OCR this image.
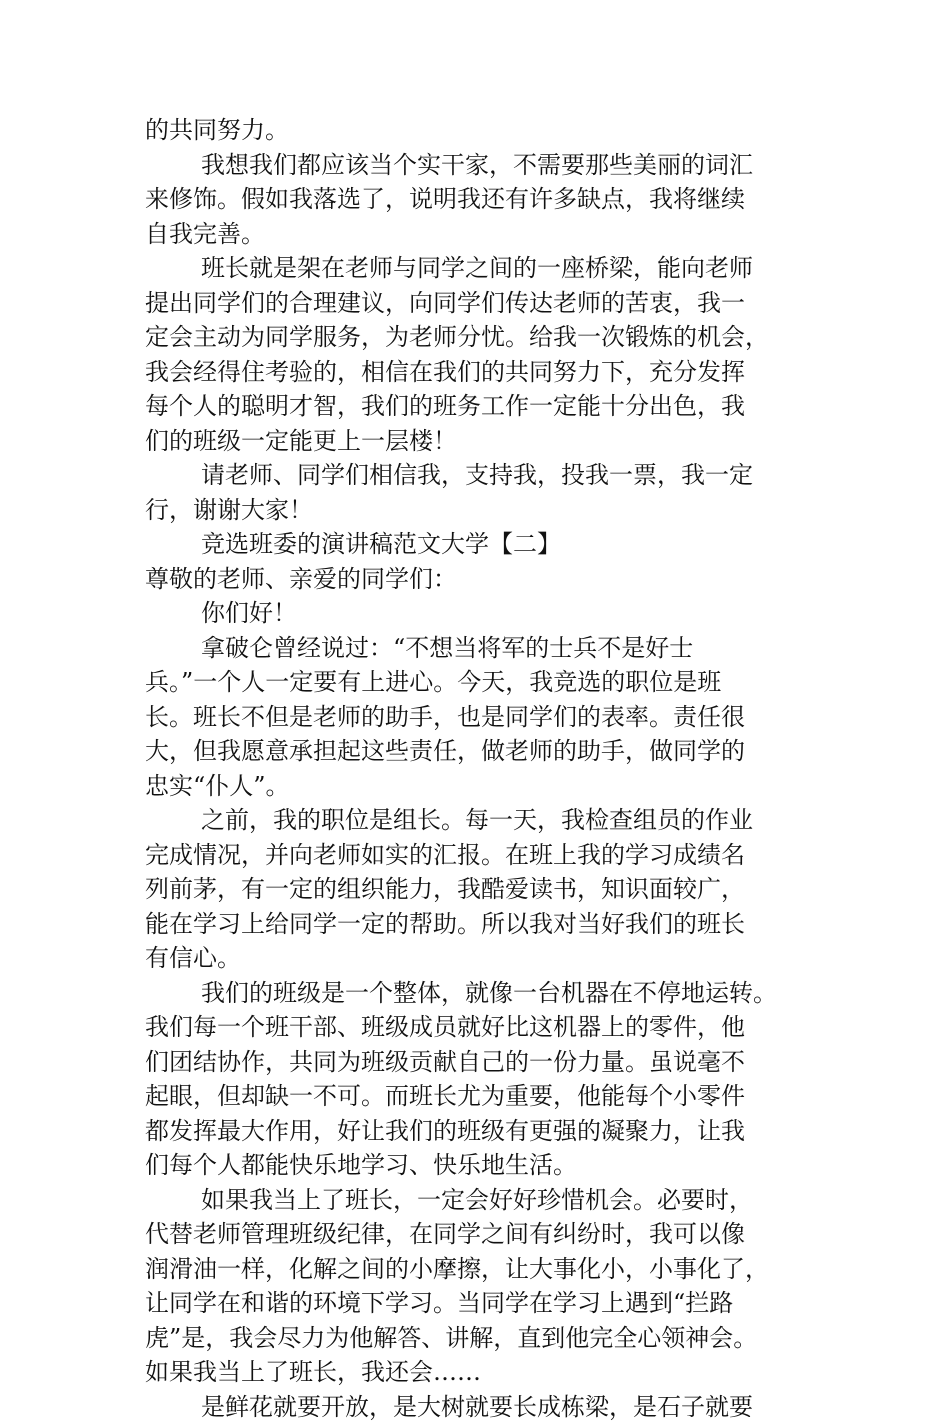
的共同努力。
我想我们都应该当个实干家，不需要那些美丽的词汇
来修饰。假如我落选了，说明我还有许多缺点，我将继续
自我完善。
班长就是架在老师与同学之间的一座桥梁，能向老师
提出同学们的合理建议，向同学们传达老师的苦衷，我一
定会主动为同学服务，为老师分忧。给我一次锻炼的机会，
我会经得住考验的，相信在我们的共同努力下，充分发挥
每个人的聪明才智，我们的班务工作一定能十分出色，我
们的班级一定能更上一层楼！
请老师、同学们相信我，支持我，投我一票，我一定
行，谢谢大家！
竞选班委的演讲稿范文大学【二】
尊敬的老师、亲爱的同学们：
你们好！
拿破仑曾经说过：“不想当将军的士兵不是好士
兵。”一个人一定要有上进心。今天，我竞选的职位是班
长。班长不但是老师的助手，也是同学们的表率。责任很
大，但我愿意承担起这些责任，做老师的助手，做同学的
忠实“仆人”。
之前，我的职位是组长。每一天，我检查组员的作业
完成情况，并向老师如实的汇报。在班上我的学习成绩名
列前茅，有一定的组织能力，我酷爱读书，知识面较广，
能在学习上给同学一定的帮助。所以我对当好我们的班长
有信心。
我们的班级是一个整体，就像一台机器在不停地运转。
我们每一个班干部、班级成员就好比这机器上的零件，他
们团结协作，共同为班级贡献自己的一份力量。虽说毫不
起眼，但却缺一不可。而班长尤为重要，他能每个小零件
都发挥最大作用，好让我们的班级有更强的凝聚力，让我
们每个人都能快乐地学习、快乐地生活。
如果我当上了班长，一定会好好珍惜机会。必要时，
代替老师管理班级纪律，在同学之间有纠纷时，我可以像
润滑油一样，化解之间的小摩擦，让大事化小，小事化了，
让同学在和谐的环境下学习。当同学在学习上遇到“拦路
虎”是，我会尽力为他解答、讲解，直到他完全心领神会。
如果我当上了班长，我还会……
是鲜花就要开放，是大树就要长成栋梁，是石子就要
